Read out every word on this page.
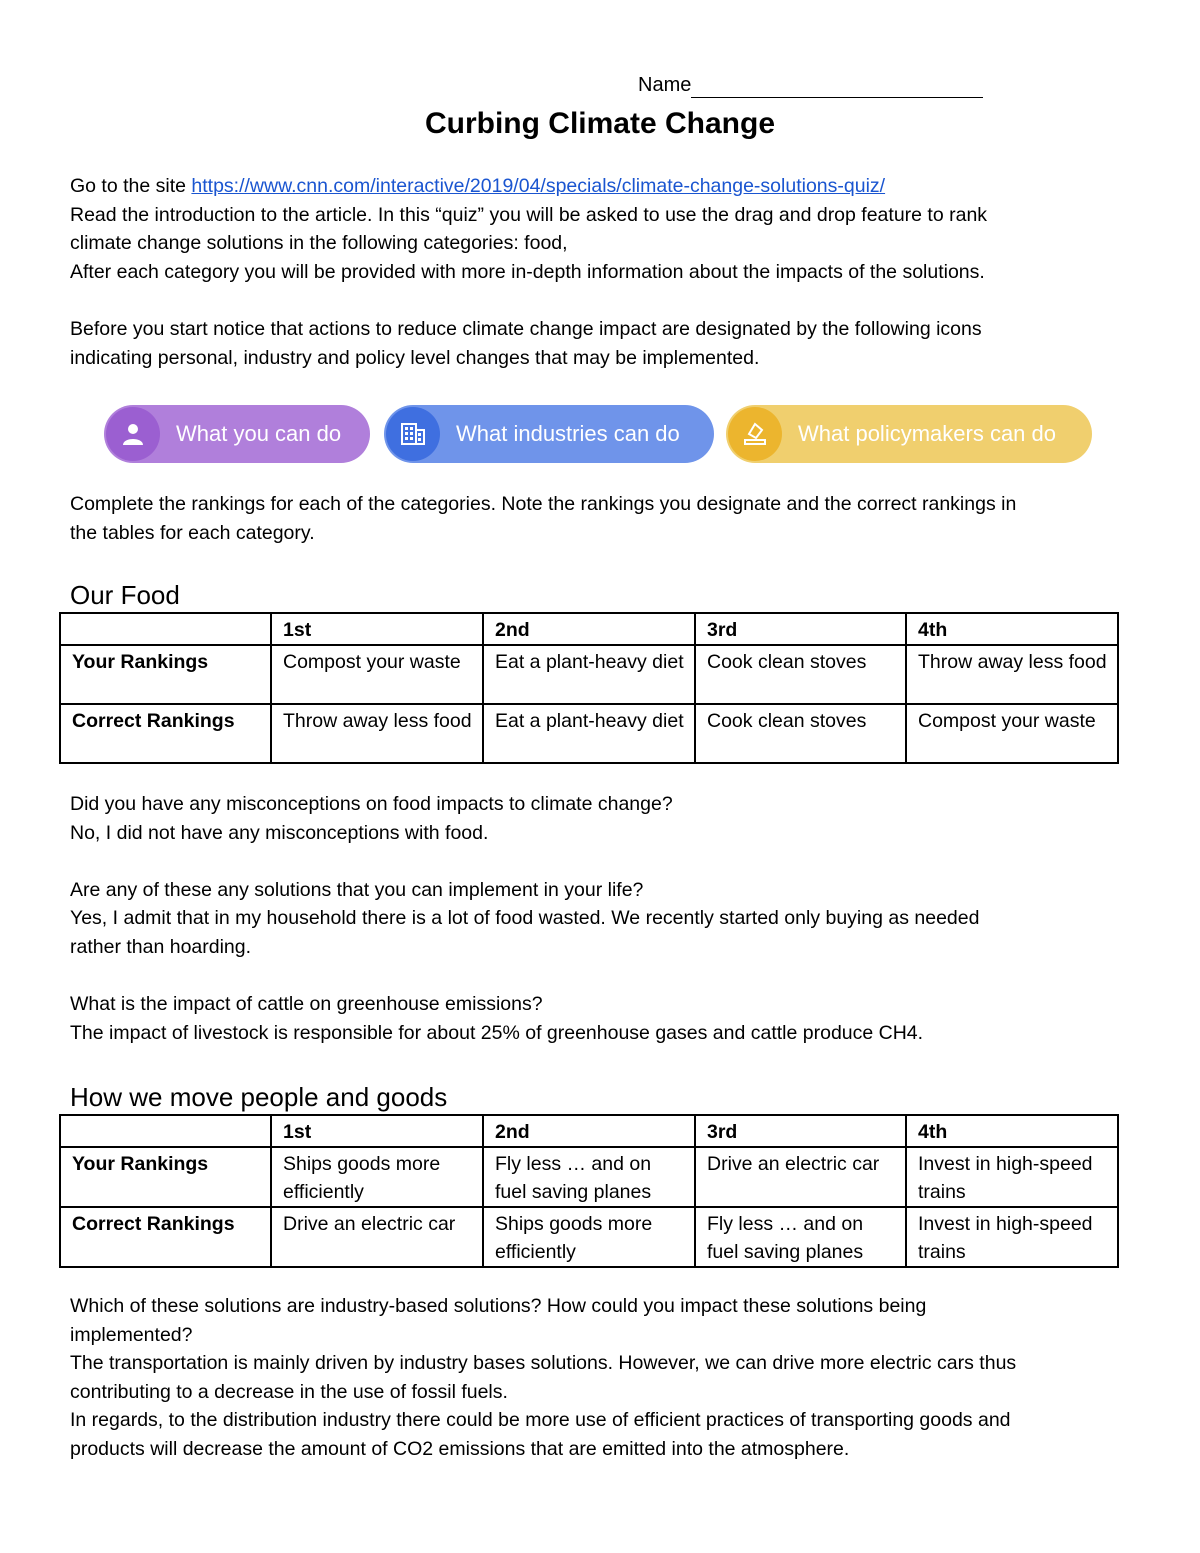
Name
Curbing Climate Change
Go to the site https://www.cnn.com/interactive/2019/04/specials/climate-change-solutions-quiz/
Read the introduction to the article. In this “quiz” you will be asked to use the drag and drop feature to rank
climate change solutions in the following categories: food,
After each category you will be provided with more in-depth information about the impacts of the solutions.

Before you start notice that actions to reduce climate change impact are designated by the following icons
indicating personal, industry and policy level changes that may be implemented.
What you can do	What industries can do	What policymakers can do
Complete the rankings for each of the categories. Note the rankings you designate and the correct rankings in
the tables for each category.
Our Food
	1st	2nd	3rd	4th
Your Rankings	Compost your waste	Eat a plant-heavy diet	Cook clean stoves	Throw away less food
Correct Rankings	Throw away less food	Eat a plant-heavy diet	Cook clean stoves	Compost your waste
Did you have any misconceptions on food impacts to climate change?
No, I did not have any misconceptions with food.

Are any of these any solutions that you can implement in your life?
Yes, I admit that in my household there is a lot of food wasted. We recently started only buying as needed
rather than hoarding.

What is the impact of cattle on greenhouse emissions?
The impact of livestock is responsible for about 25% of greenhouse gases and cattle produce CH4.
How we move people and goods
	1st	2nd	3rd	4th
Your Rankings	Ships goods more efficiently	Fly less … and on fuel saving planes	Drive an electric car	Invest in high-speed trains
Correct Rankings	Drive an electric car	Ships goods more efficiently	Fly less … and on fuel saving planes	Invest in high-speed trains
Which of these solutions are industry-based solutions? How could you impact these solutions being
implemented?
The transportation is mainly driven by industry bases solutions. However, we can drive more electric cars thus
contributing to a decrease in the use of fossil fuels.
In regards, to the distribution industry there could be more use of efficient practices of transporting goods and
products will decrease the amount of CO2 emissions that are emitted into the atmosphere.
